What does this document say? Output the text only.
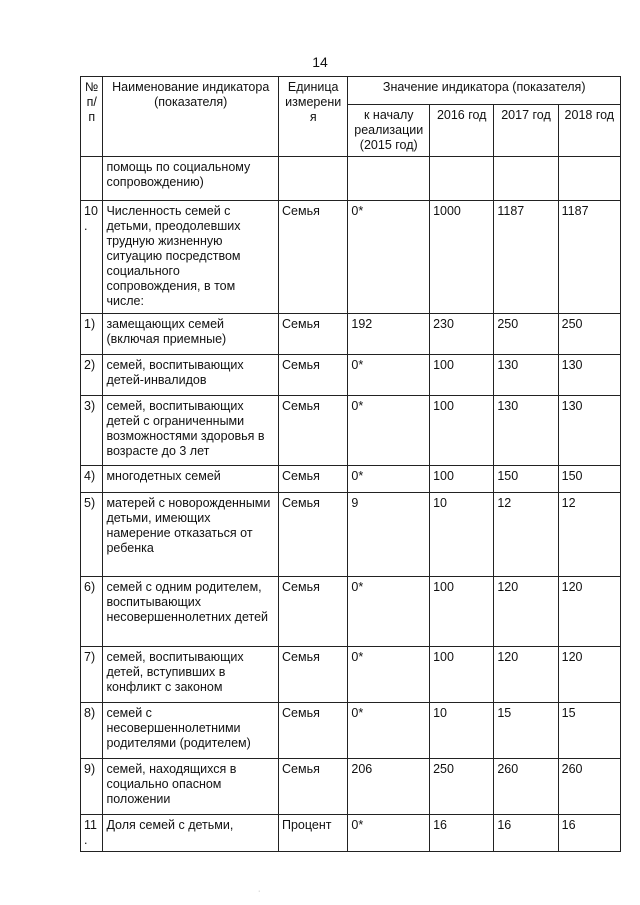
14
№ п/п	Наименование индикатора (показателя)	Единица измерения	Значение индикатора (показателя)			
			к началу реализации (2015 год)	2016 год	2017 год	2018 год
	помощь по социальному сопровождению)					
10.	Численность семей с детьми, преодолевших трудную жизненную ситуацию посредством социального сопровождения, в том числе:	Семья	0*	1000	1187	1187
1)	замещающих семей (включая приемные)	Семья	192	230	250	250
2)	семей, воспитывающих детей-инвалидов	Семья	0*	100	130	130
3)	семей, воспитывающих детей с ограниченными возможностями здоровья в возрасте до 3 лет	Семья	0*	100	130	130
4)	многодетных семей	Семья	0*	100	150	150
5)	матерей с новорожденными детьми, имеющих намерение отказаться от ребенка	Семья	9	10	12	12
6)	семей с одним родителем, воспитывающих несовершеннолетних детей	Семья	0*	100	120	120
7)	семей, воспитывающих детей, вступивших в конфликт с законом	Семья	0*	100	120	120
8)	семей с несовершеннолетними родителями (родителем)	Семья	0*	10	15	15
9)	семей, находящихся в социально опасном положении	Семья	206	250	260	260
11.	Доля семей с детьми,	Процент	0*	16	16	16
·
